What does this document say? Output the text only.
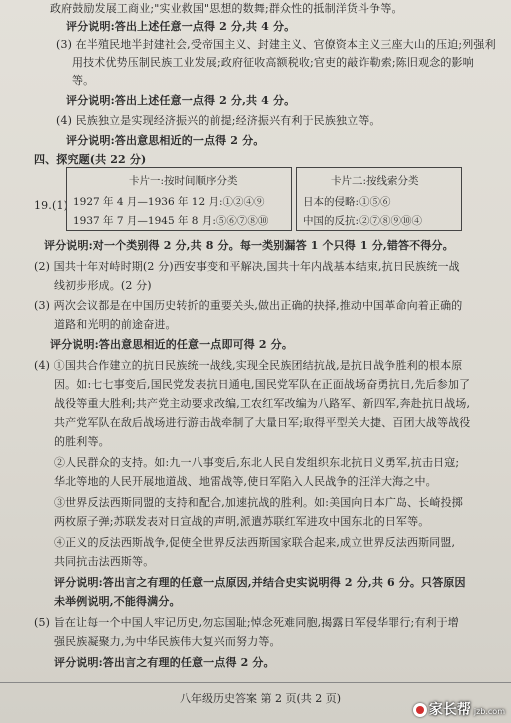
政府鼓励发展工商业;"实业救国"思想的数舞;群众性的抵制洋货斗争等。
评分说明:答出上述任意一点得 2 分,共 4 分。
(3) 在半殖民地半封建社会,受帝国主义、封建主义、官僚资本主义三座大山的压迫;列强利
用技术优势压制民族工业发展;政府征收高额税收;官吏的敲诈勒索;陈旧观念的影响
等。
评分说明:答出上述任意一点得 2 分,共 4 分。
(4) 民族独立是实现经济振兴的前提;经济振兴有利于民族独立等。
评分说明:答出意思相近的一点得 2 分。
四、探究题(共 22 分)
19. (1)
卡片一:按时间顺序分类
1927 年 4 月—1936 年 12 月:①②④⑨
1937 年 7 月—1945 年 8 月:⑤⑥⑦⑧⑩
卡片二:按线索分类
日本的侵略:①⑤⑥
中国的反抗:②⑦⑧⑨⑩④
评分说明:对一个类别得 2 分,共 8 分。每一类别漏答 1 个只得 1 分,错答不得分。
(2) 国共十年对峙时期(2 分)西安事变和平解决,国共十年内战基本结束,抗日民族统一战
线初步形成。(2 分)
(3) 两次会议都是在中国历史转折的重要关头,做出正确的抉择,推动中国革命向着正确的
道路和光明的前途奋进。
评分说明:答出意思相近的任意一点即可得 2 分。
(4) ①国共合作建立的抗日民族统一战线,实现全民族团结抗战,是抗日战争胜利的根本原
因。如:七七事变后,国民党发表抗日通电,国民党军队在正面战场奋勇抗日,先后参加了
战役等重大胜利;共产党主动要求改编,工农红军改编为八路军、新四军,奔赴抗日战场,
共产党军队在敌后战场进行游击战牵制了大量日军;取得平型关大捷、百团大战等战役
的胜利等。
②人民群众的支持。如:九一八事变后,东北人民自发组织东北抗日义勇军,抗击日寇;
华北等地的人民开展地道战、地雷战等,使日军陷入人民战争的汪洋大海之中。
③世界反法西斯同盟的支持和配合,加速抗战的胜利。如:美国向日本广岛、长崎投掷
两枚原子弹;苏联发表对日宣战的声明,派遣苏联红军进攻中国东北的日军等。
④正义的反法西斯战争,促使全世界反法西斯国家联合起来,成立世界反法西斯同盟,
共同抗击法西斯等。
评分说明:答出言之有理的任意一点原因,并结合史实说明得 2 分,共 6 分。只答原因
未举例说明,不能得满分。
(5) 旨在让每一个中国人牢记历史,勿忘国耻;悼念死难同胞,揭露日军侵华罪行;有利于增
强民族凝聚力,为中华民族伟大复兴而努力等。
评分说明:答出言之有理的任意一点得 2 分。
八年级历史答案 第 2 页(共 2 页)
家长帮 jzb.com
